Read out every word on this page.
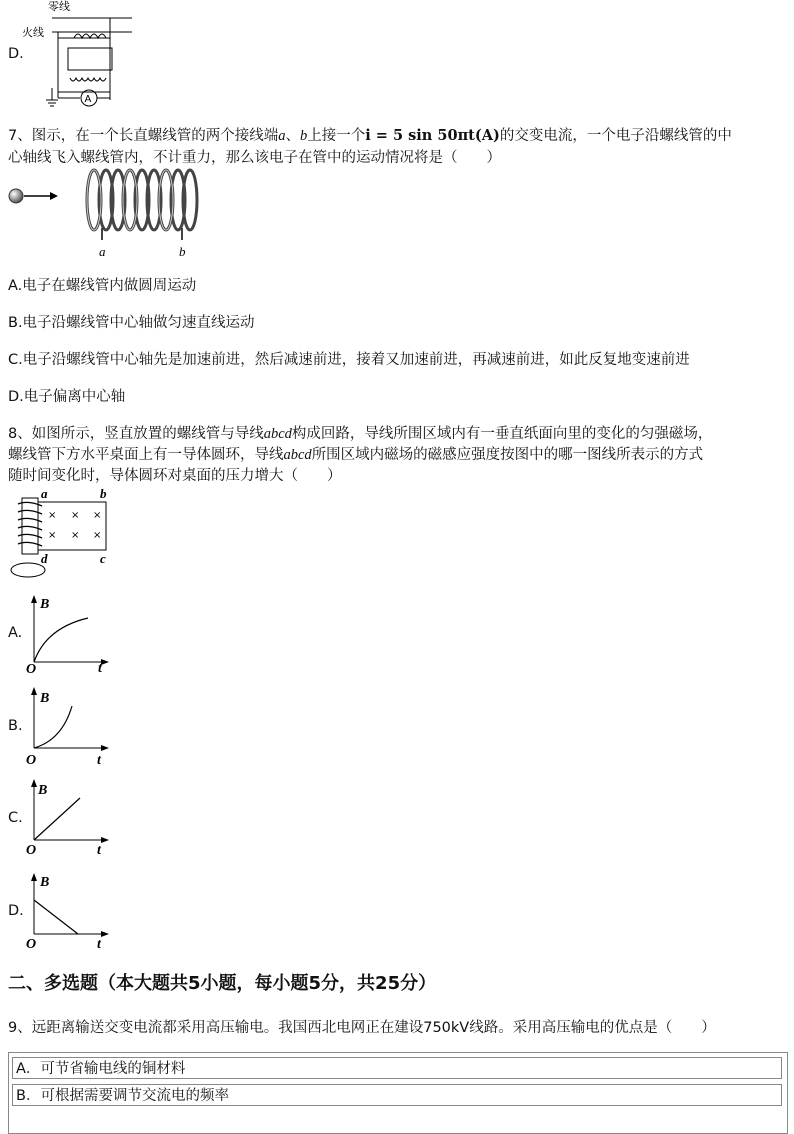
D.
零线
火线
A
7、图示，在一个长直螺线管的两个接线端a、b上接一个i = 5 sin 50πt(A)的交变电流，一个电子沿螺线管的中
心轴线飞入螺线管内，不计重力，那么该电子在管中的运动情况将是（　　）
a	b
A.电子在螺线管内做圆周运动
B.电子沿螺线管中心轴做匀速直线运动
C.电子沿螺线管中心轴先是加速前进，然后减速前进，接着又加速前进，再减速前进，如此反复地变速前进
D.电子偏离中心轴
8、如图所示，竖直放置的螺线管与导线abcd构成回路，导线所围区域内有一垂直纸面向里的变化的匀强磁场，
螺线管下方水平桌面上有一导体圆环，导线abcd所围区域内磁场的磁感应强度按图中的哪一图线所表示的方式
随时间变化时，导体圆环对桌面的压力增大（　　）
a	b
c
d
× × ×
× × ×
A.
B
t
O
B.
B
t
O
C.
B
t
O
D.
B
t
O
二、多选题（本大题共5小题，每小题5分，共25分）
9、远距离输送交变电流都采用高压输电。我国西北电网正在建设750kV线路。采用高压输电的优点是（　　）
A．可节省输电线的铜材料
B．可根据需要调节交流电的频率
